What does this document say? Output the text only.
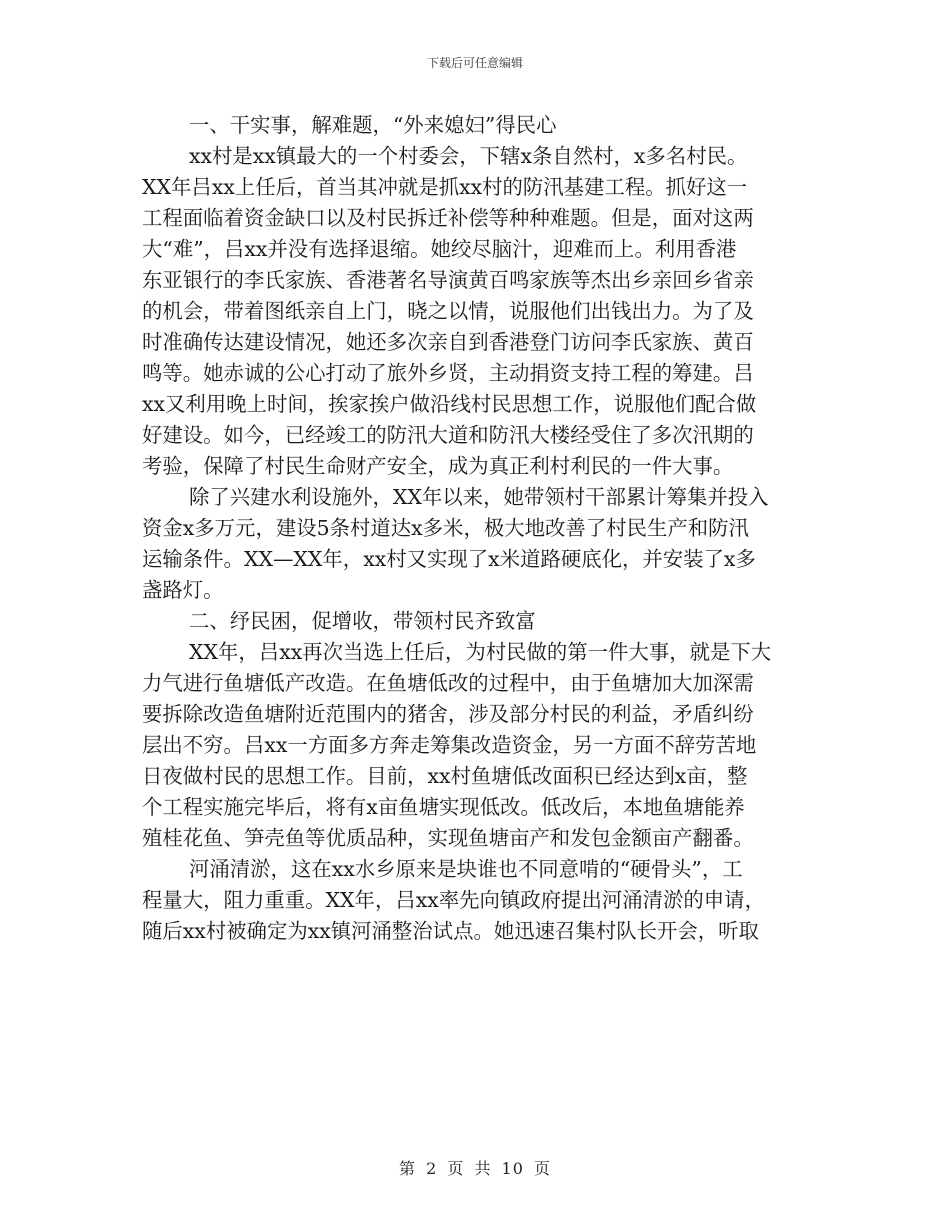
下载后可任意编辑
一、干实事，解难题，“外来媳妇”得民心
xx村是xx镇最大的一个村委会，下辖x条自然村，x多名村民。
XX年吕xx上任后，首当其冲就是抓xx村的防汛基建工程。抓好这一
工程面临着资金缺口以及村民拆迁补偿等种种难题。但是，面对这两
大“难”，吕xx并没有选择退缩。她绞尽脑汁，迎难而上。利用香港
东亚银行的李氏家族、香港著名导演黄百鸣家族等杰出乡亲回乡省亲
的机会，带着图纸亲自上门，晓之以情，说服他们出钱出力。为了及
时准确传达建设情况，她还多次亲自到香港登门访问李氏家族、黄百
鸣等。她赤诚的公心打动了旅外乡贤，主动捐资支持工程的筹建。吕
xx又利用晚上时间，挨家挨户做沿线村民思想工作，说服他们配合做
好建设。如今，已经竣工的防汛大道和防汛大楼经受住了多次汛期的
考验，保障了村民生命财产安全，成为真正利村利民的一件大事。
除了兴建水利设施外，XX年以来，她带领村干部累计筹集并投入
资金x多万元，建设5条村道达x多米，极大地改善了村民生产和防汛
运输条件。XX—XX年，xx村又实现了x米道路硬底化，并安装了x多
盏路灯。
二、纾民困，促增收，带领村民齐致富
XX年，吕xx再次当选上任后，为村民做的第一件大事，就是下大
力气进行鱼塘低产改造。在鱼塘低改的过程中，由于鱼塘加大加深需
要拆除改造鱼塘附近范围内的猪舍，涉及部分村民的利益，矛盾纠纷
层出不穷。吕xx一方面多方奔走筹集改造资金，另一方面不辞劳苦地
日夜做村民的思想工作。目前，xx村鱼塘低改面积已经达到x亩，整
个工程实施完毕后，将有x亩鱼塘实现低改。低改后，本地鱼塘能养
殖桂花鱼、笋壳鱼等优质品种，实现鱼塘亩产和发包金额亩产翻番。
河涌清淤，这在xx水乡原来是块谁也不同意啃的“硬骨头”，工
程量大，阻力重重。XX年，吕xx率先向镇政府提出河涌清淤的申请，
随后xx村被确定为xx镇河涌整治试点。她迅速召集村队长开会，听取
第 2 页 共 10 页
